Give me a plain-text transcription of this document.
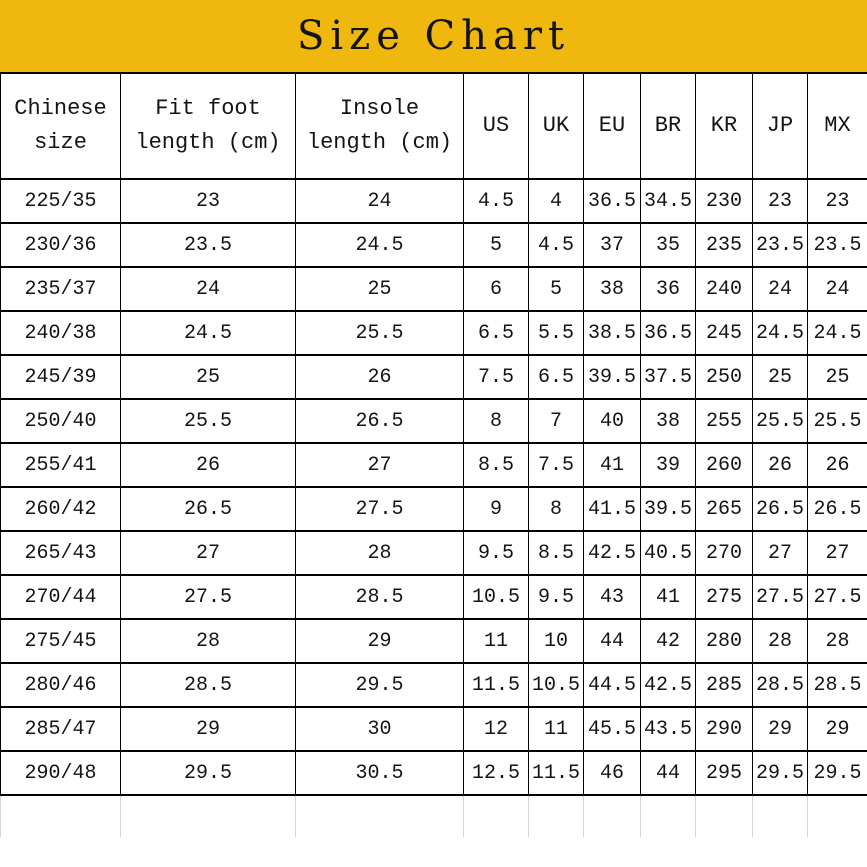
Size Chart
Chinese size	Fit foot length (cm)	Insole length (cm)	US	UK	EU	BR	KR	JP	MX
225/35	23	24	4.5	4	36.5	34.5	230	23	23
230/36	23.5	24.5	5	4.5	37	35	235	23.5	23.5
235/37	24	25	6	5	38	36	240	24	24
240/38	24.5	25.5	6.5	5.5	38.5	36.5	245	24.5	24.5
245/39	25	26	7.5	6.5	39.5	37.5	250	25	25
250/40	25.5	26.5	8	7	40	38	255	25.5	25.5
255/41	26	27	8.5	7.5	41	39	260	26	26
260/42	26.5	27.5	9	8	41.5	39.5	265	26.5	26.5
265/43	27	28	9.5	8.5	42.5	40.5	270	27	27
270/44	27.5	28.5	10.5	9.5	43	41	275	27.5	27.5
275/45	28	29	11	10	44	42	280	28	28
280/46	28.5	29.5	11.5	10.5	44.5	42.5	285	28.5	28.5
285/47	29	30	12	11	45.5	43.5	290	29	29
290/48	29.5	30.5	12.5	11.5	46	44	295	29.5	29.5
